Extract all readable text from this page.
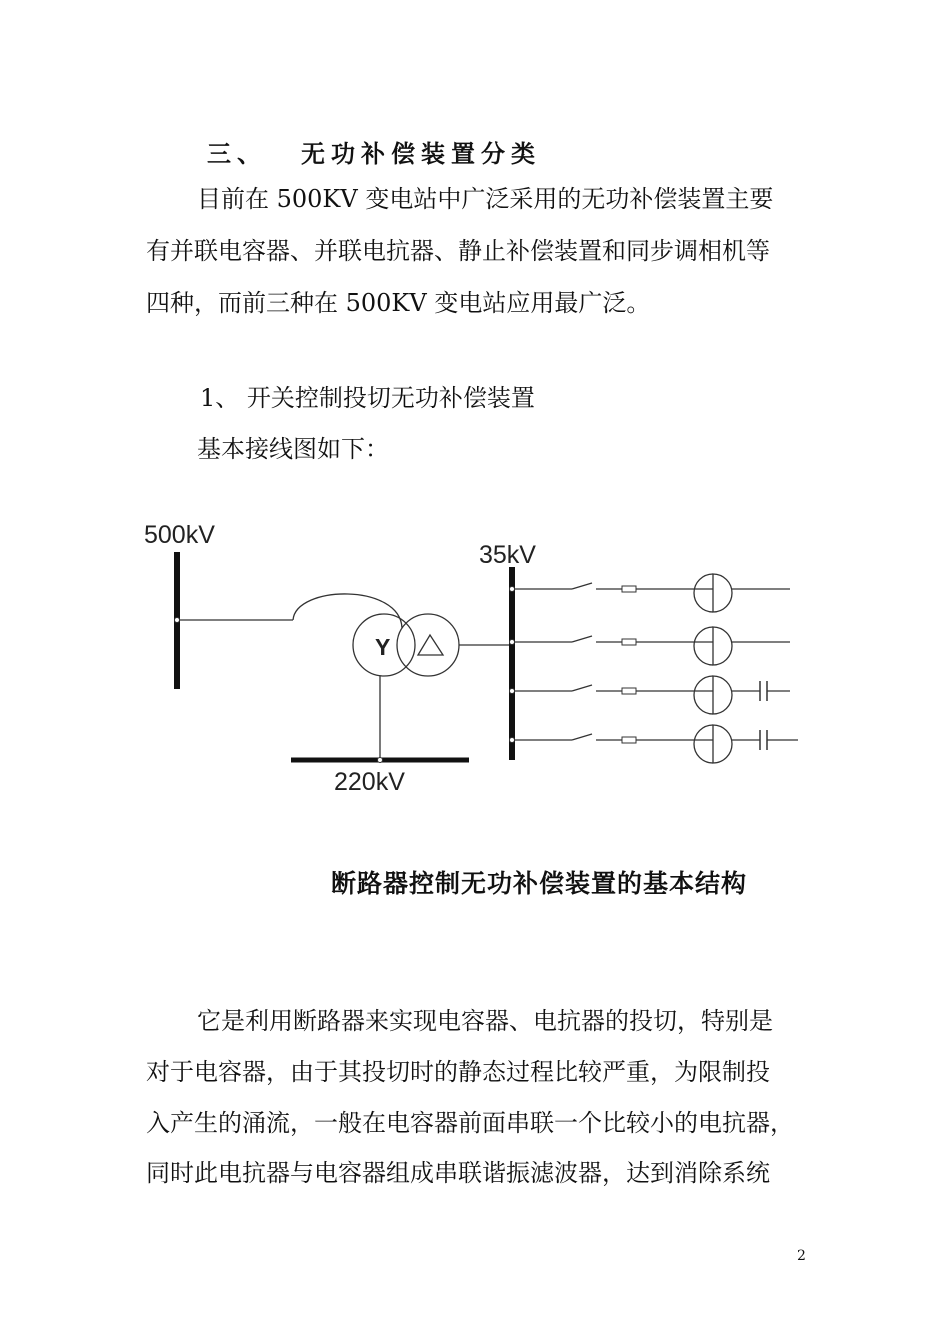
三、 无功补偿装置分类
目前在 500KV 变电站中广泛采用的无功补偿装置主要
有并联电容器、并联电抗器、静止补偿装置和同步调相机等
四种，而前三种在 500KV 变电站应用最广泛。
1、 开关控制投切无功补偿装置
基本接线图如下：
500kV
Y
220kV
35kV
断路器控制无功补偿装置的基本结构
它是利用断路器来实现电容器、电抗器的投切，特别是
对于电容器，由于其投切时的静态过程比较严重，为限制投
入产生的涌流，一般在电容器前面串联一个比较小的电抗器，
同时此电抗器与电容器组成串联谐振滤波器，达到消除系统
2
